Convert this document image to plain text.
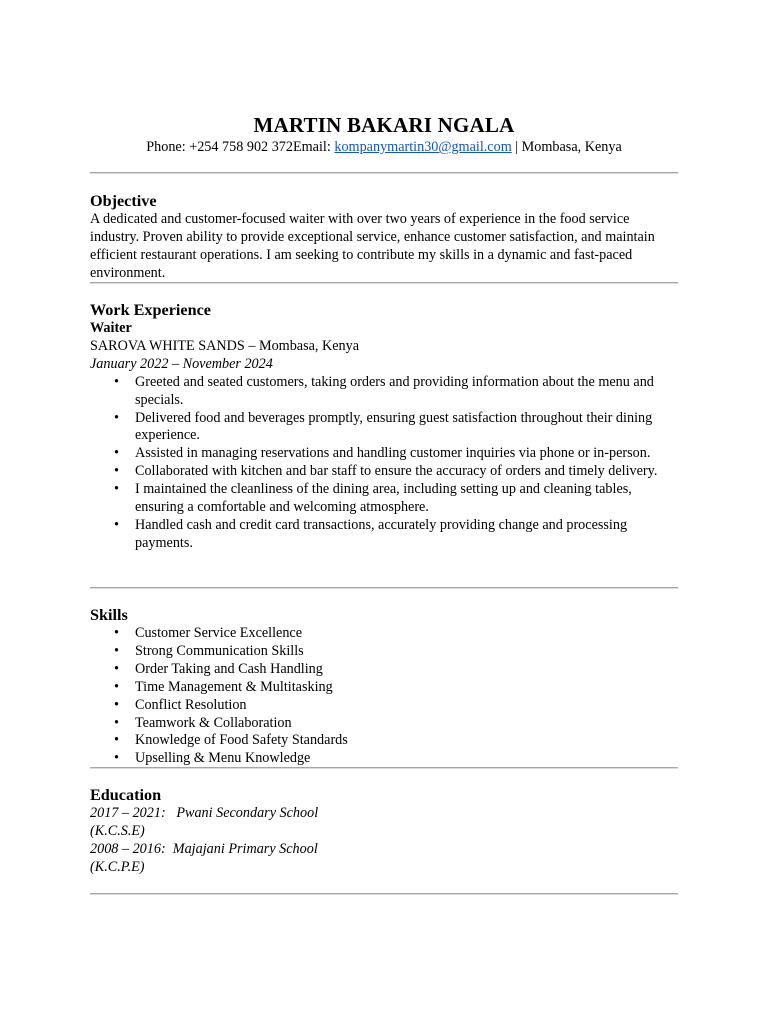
MARTIN BAKARI NGALA
Phone: +254 758 902 372Email: kompanymartin30@gmail.com | Mombasa, Kenya

Objective

A dedicated and customer-focused waiter with over two years of experience in the food service industry. Proven ability to provide exceptional service, enhance customer satisfaction, and maintain efficient restaurant operations. I am seeking to contribute my skills in a dynamic and fast-paced environment.

Work Experience

Waiter

SAROVA WHITE SANDS – Mombasa, Kenya

January 2022 – November 2024

• Greeted and seated customers, taking orders and providing information about the menu and specials.
• Delivered food and beverages promptly, ensuring guest satisfaction throughout their dining experience.
• Assisted in managing reservations and handling customer inquiries via phone or in-person.
• Collaborated with kitchen and bar staff to ensure the accuracy of orders and timely delivery.
• I maintained the cleanliness of the dining area, including setting up and cleaning tables, ensuring a comfortable and welcoming atmosphere.
• Handled cash and credit card transactions, accurately providing change and processing payments.

Skills

• Customer Service Excellence
• Strong Communication Skills
• Order Taking and Cash Handling
• Time Management & Multitasking
• Conflict Resolution
• Teamwork & Collaboration
• Knowledge of Food Safety Standards
• Upselling & Menu Knowledge

Education

2017 – 2021: Pwani Secondary School

(K.C.S.E)

2008 – 2016: Majajani Primary School

(K.C.P.E)
